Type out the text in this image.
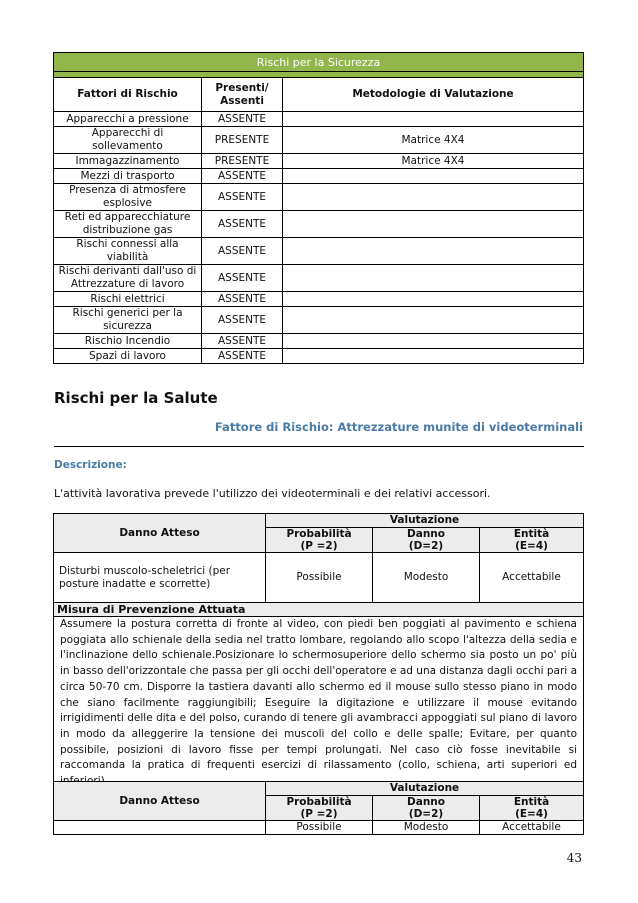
Rischi per la Sicurezza		

Fattori di Rischio	Presenti/ Assenti	Metodologie di Valutazione
Apparecchi a pressione	ASSENTE	
Apparecchi di sollevamento	PRESENTE	Matrice 4X4
Immagazzinamento	PRESENTE	Matrice 4X4
Mezzi di trasporto	ASSENTE	
Presenza di atmosfere esplosive	ASSENTE	
Reti ed apparecchiature distribuzione gas	ASSENTE	
Rischi connessi alla viabilità	ASSENTE	
Rischi derivanti dall'uso di Attrezzature di lavoro	ASSENTE	
Rischi elettrici	ASSENTE	
Rischi generici per la sicurezza	ASSENTE	
Rischio Incendio	ASSENTE	
Spazi di lavoro	ASSENTE	
Rischi per la Salute
Fattore di Rischio: Attrezzature munite di videoterminali
Descrizione:
L'attività lavorativa prevede l'utilizzo dei videoterminali e dei relativi accessori.
Danno Atteso	Valutazione		
	Probabilità	Danno	Entità
	(P =2)	(D=2)	(E=4)
Disturbi muscolo-scheletrici (per posture inadatte e scorrette)	Possibile	Modesto	Accettabile
Misura di Prevenzione Attuata			
Assumere la postura corretta di fronte al video, con piedi ben poggiati al pavimento e schiena poggiata allo schienale della sedia nel tratto lombare, regolando allo scopo l'altezza della sedia e l'inclinazione dello schienale.Posizionare lo schermosuperiore dello schermo sia posto un po' più in basso dell'orizzontale che passa per gli occhi dell'operatore e ad una distanza dagli occhi pari a circa 50-70 cm. Disporre la tastiera davanti allo schermo ed il mouse sullo stesso piano in modo che siano facilmente raggiungibili; Eseguire la digitazione e utilizzare il mouse evitando irrigidimenti delle dita e del polso, curando di tenere gli avambracci appoggiati sul piano di lavoro in modo da alleggerire la tensione dei muscoli del collo e delle spalle; Evitare, per quanto possibile, posizioni di lavoro fisse per tempi prolungati. Nel caso ciò fosse inevitabile si raccomanda la pratica di frequenti esercizi di rilassamento (collo, schiena, arti superiori ed			
Danno Atteso	Valutazione		
	Probabilità	Danno	Entità
	(P =2)	(D=2)	(E=4)
	Possibile	Modesto	Accettabile
43
